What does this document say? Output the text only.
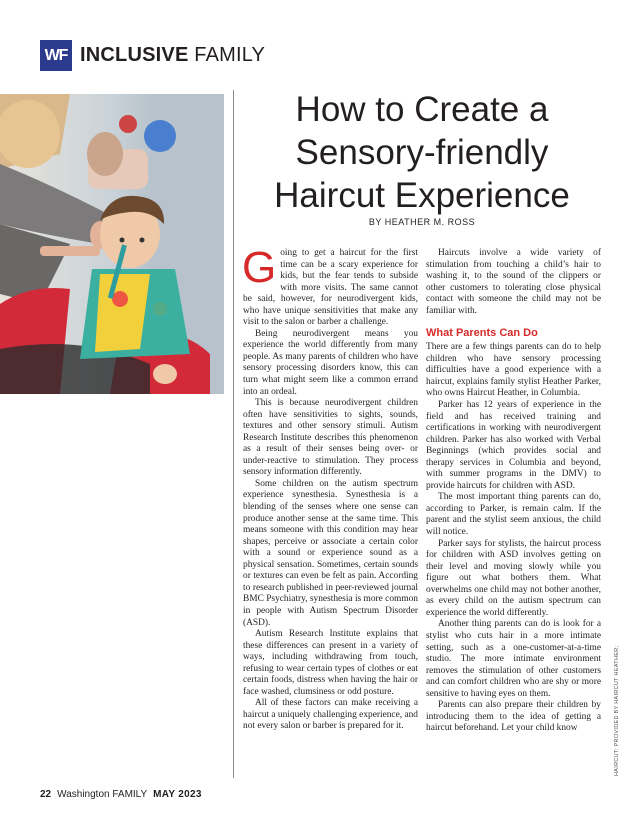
WF INCLUSIVE FAMILY
How to Create a
Sensory-friendly
Haircut Experience
BY HEATHER M. ROSS

Going to get a haircut for the first time can be a scary experience for kids, but the fear tends to subside with more visits. The same cannot be said, however, for neurodivergent kids, who have unique sensitivities that make any visit to the salon or barber a challenge.

Being neurodivergent means you experience the world differently from many people. As many parents of children who have sensory processing disorders know, this can turn what might seem like a common errand into an ordeal.

This is because neurodivergent children often have sensitivities to sights, sounds, textures and other sensory stimuli. Autism Research Institute describes this phenomenon as a result of their senses being over- or under-reactive to stimulation. They process sensory information differently.

Some children on the autism spectrum experience synesthesia. Synesthesia is a blending of the senses where one sense can produce another sense at the same time. This means someone with this condition may hear shapes, perceive or associate a certain color with a sound or experience sound as a physical sensation. Sometimes, certain sounds or textures can even be felt as pain. According to research published in peer-reviewed journal BMC Psychiatry, synesthesia is more common in people with Autism Spectrum Disorder (ASD).

Autism Research Institute explains that these differences can present in a variety of ways, including withdrawing from touch, refusing to wear certain types of clothes or eat certain foods, distress when having the hair or face washed, clumsiness or odd posture.

All of these factors can make receiving a haircut a uniquely challenging experience, and not every salon or barber is prepared for it.

Haircuts involve a wide variety of stimulation from touching a child’s hair to washing it, to the sound of the clippers or other customers to tolerating close physical contact with someone the child may not be familiar with.

What Parents Can Do

There are a few things parents can do to help children who have sensory processing difficulties have a good experience with a haircut, explains family stylist Heather Parker, who owns Haircut Heather, in Columbia.

Parker has 12 years of experience in the field and has received training and certifications in working with neurodivergent children. Parker has also worked with Verbal Beginnings (which provides social and therapy services in Columbia and beyond, with summer programs in the DMV) to provide haircuts for children with ASD.

The most important thing parents can do, according to Parker, is remain calm. If the parent and the stylist seem anxious, the child will notice.

Parker says for stylists, the haircut process for children with ASD involves getting on their level and moving slowly while you figure out what bothers them. What overwhelms one child may not bother another, as every child on the autism spectrum can experience the world differently.

Another thing parents can do is look for a stylist who cuts hair in a more intimate setting, such as a one-customer-at-a-time studio. The more intimate environment removes the stimulation of other customers and can comfort children who are shy or more sensitive to having eyes on them.

Parents can also prepare their children by introducing them to the idea of getting a haircut beforehand. Let your child know	HAIRCUT: PROVIDED BY HAIRCUT HEATHER;
22 Washington FAMILY MAY 2023
